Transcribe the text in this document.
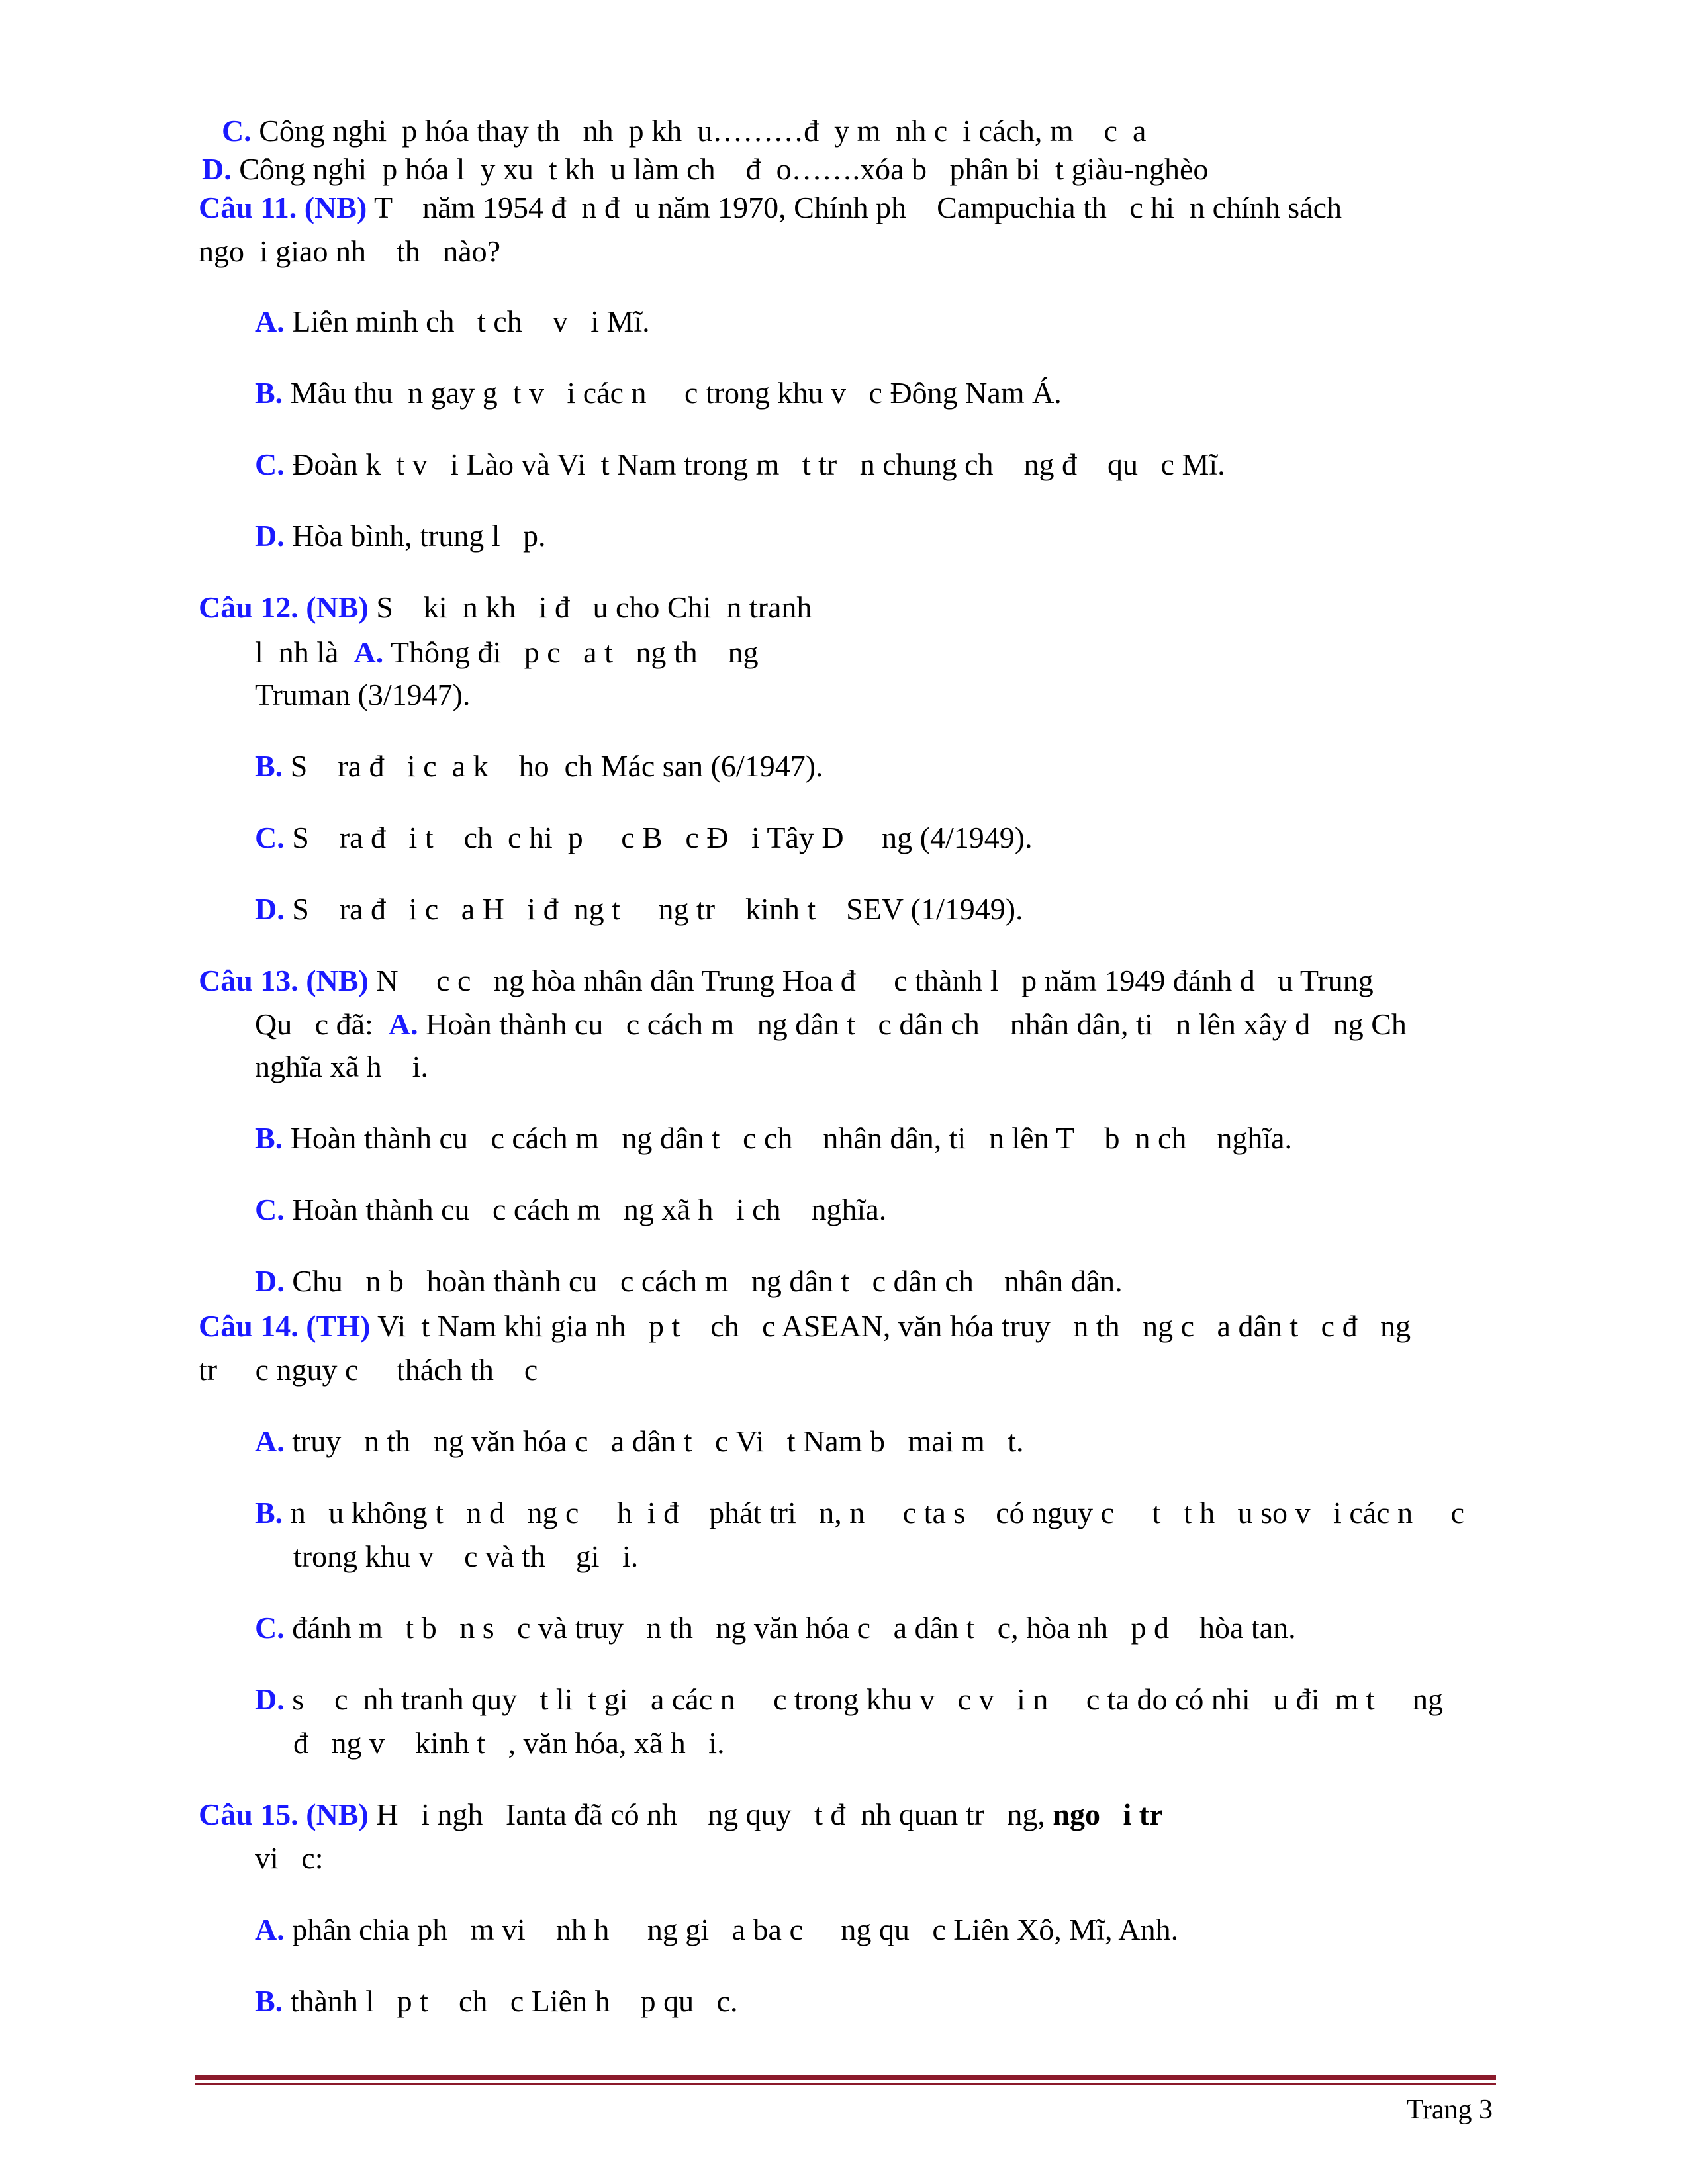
C. Công nghi  p hóa thay th   nh  p kh  u………đ  y m  nh c  i cách, m    c  a
D. Công nghi  p hóa l  y xu  t kh  u làm ch    đ  o…….xóa b   phân bi  t giàu-nghèo
Câu 11. (NB) T    năm 1954 đ  n đ  u năm 1970, Chính ph    Campuchia th   c hi  n chính sách
ngo  i giao nh    th   nào?
A. Liên minh ch   t ch    v   i Mĩ.
B. Mâu thu  n gay g  t v   i các n     c trong khu v   c Đông Nam Á.
C. Đoàn k  t v   i Lào và Vi  t Nam trong m   t tr   n chung ch    ng đ    qu   c Mĩ.
D. Hòa bình, trung l   p.
Câu 12. (NB) S    ki  n kh   i đ   u cho Chi  n tranh
l  nh là  A. Thông đi   p c   a t   ng th    ng
Truman (3/1947).
B. S    ra đ   i c  a k    ho  ch Mác san (6/1947).
C. S    ra đ   i t    ch  c hi  p     c B   c Đ   i Tây D     ng (4/1949).
D. S    ra đ   i c   a H   i đ  ng t     ng tr    kinh t    SEV (1/1949).
Câu 13. (NB) N     c c   ng hòa nhân dân Trung Hoa đ     c thành l   p năm 1949 đánh d   u Trung
Qu   c đã:  A. Hoàn thành cu   c cách m   ng dân t   c dân ch    nhân dân, ti   n lên xây d   ng Ch
nghĩa xã h    i.
B. Hoàn thành cu   c cách m   ng dân t   c ch    nhân dân, ti   n lên T    b  n ch    nghĩa.
C. Hoàn thành cu   c cách m   ng xã h   i ch    nghĩa.
D. Chu   n b   hoàn thành cu   c cách m   ng dân t   c dân ch    nhân dân.
Câu 14. (TH) Vi  t Nam khi gia nh   p t    ch   c ASEAN, văn hóa truy   n th   ng c   a dân t   c đ   ng
tr     c nguy c     thách th    c
A. truy   n th   ng văn hóa c   a dân t   c Vi   t Nam b   mai m   t.
B. n   u không t   n d   ng c     h  i đ    phát tri   n, n     c ta s    có nguy c     t   t h   u so v   i các n     c
trong khu v    c và th    gi   i.
C. đánh m   t b   n s   c và truy   n th   ng văn hóa c   a dân t   c, hòa nh   p d    hòa tan.
D. s    c  nh tranh quy   t li  t gi   a các n     c trong khu v   c v   i n     c ta do có nhi   u đi  m t     ng
đ   ng v    kinh t   , văn hóa, xã h   i.
Câu 15. (NB) H   i ngh   Ianta đã có nh    ng quy   t đ  nh quan tr   ng, ngo   i tr
vi   c:
A. phân chia ph   m vi    nh h     ng gi   a ba c     ng qu   c Liên Xô, Mĩ, Anh.
B. thành l   p t    ch   c Liên h    p qu   c.
Trang 3
